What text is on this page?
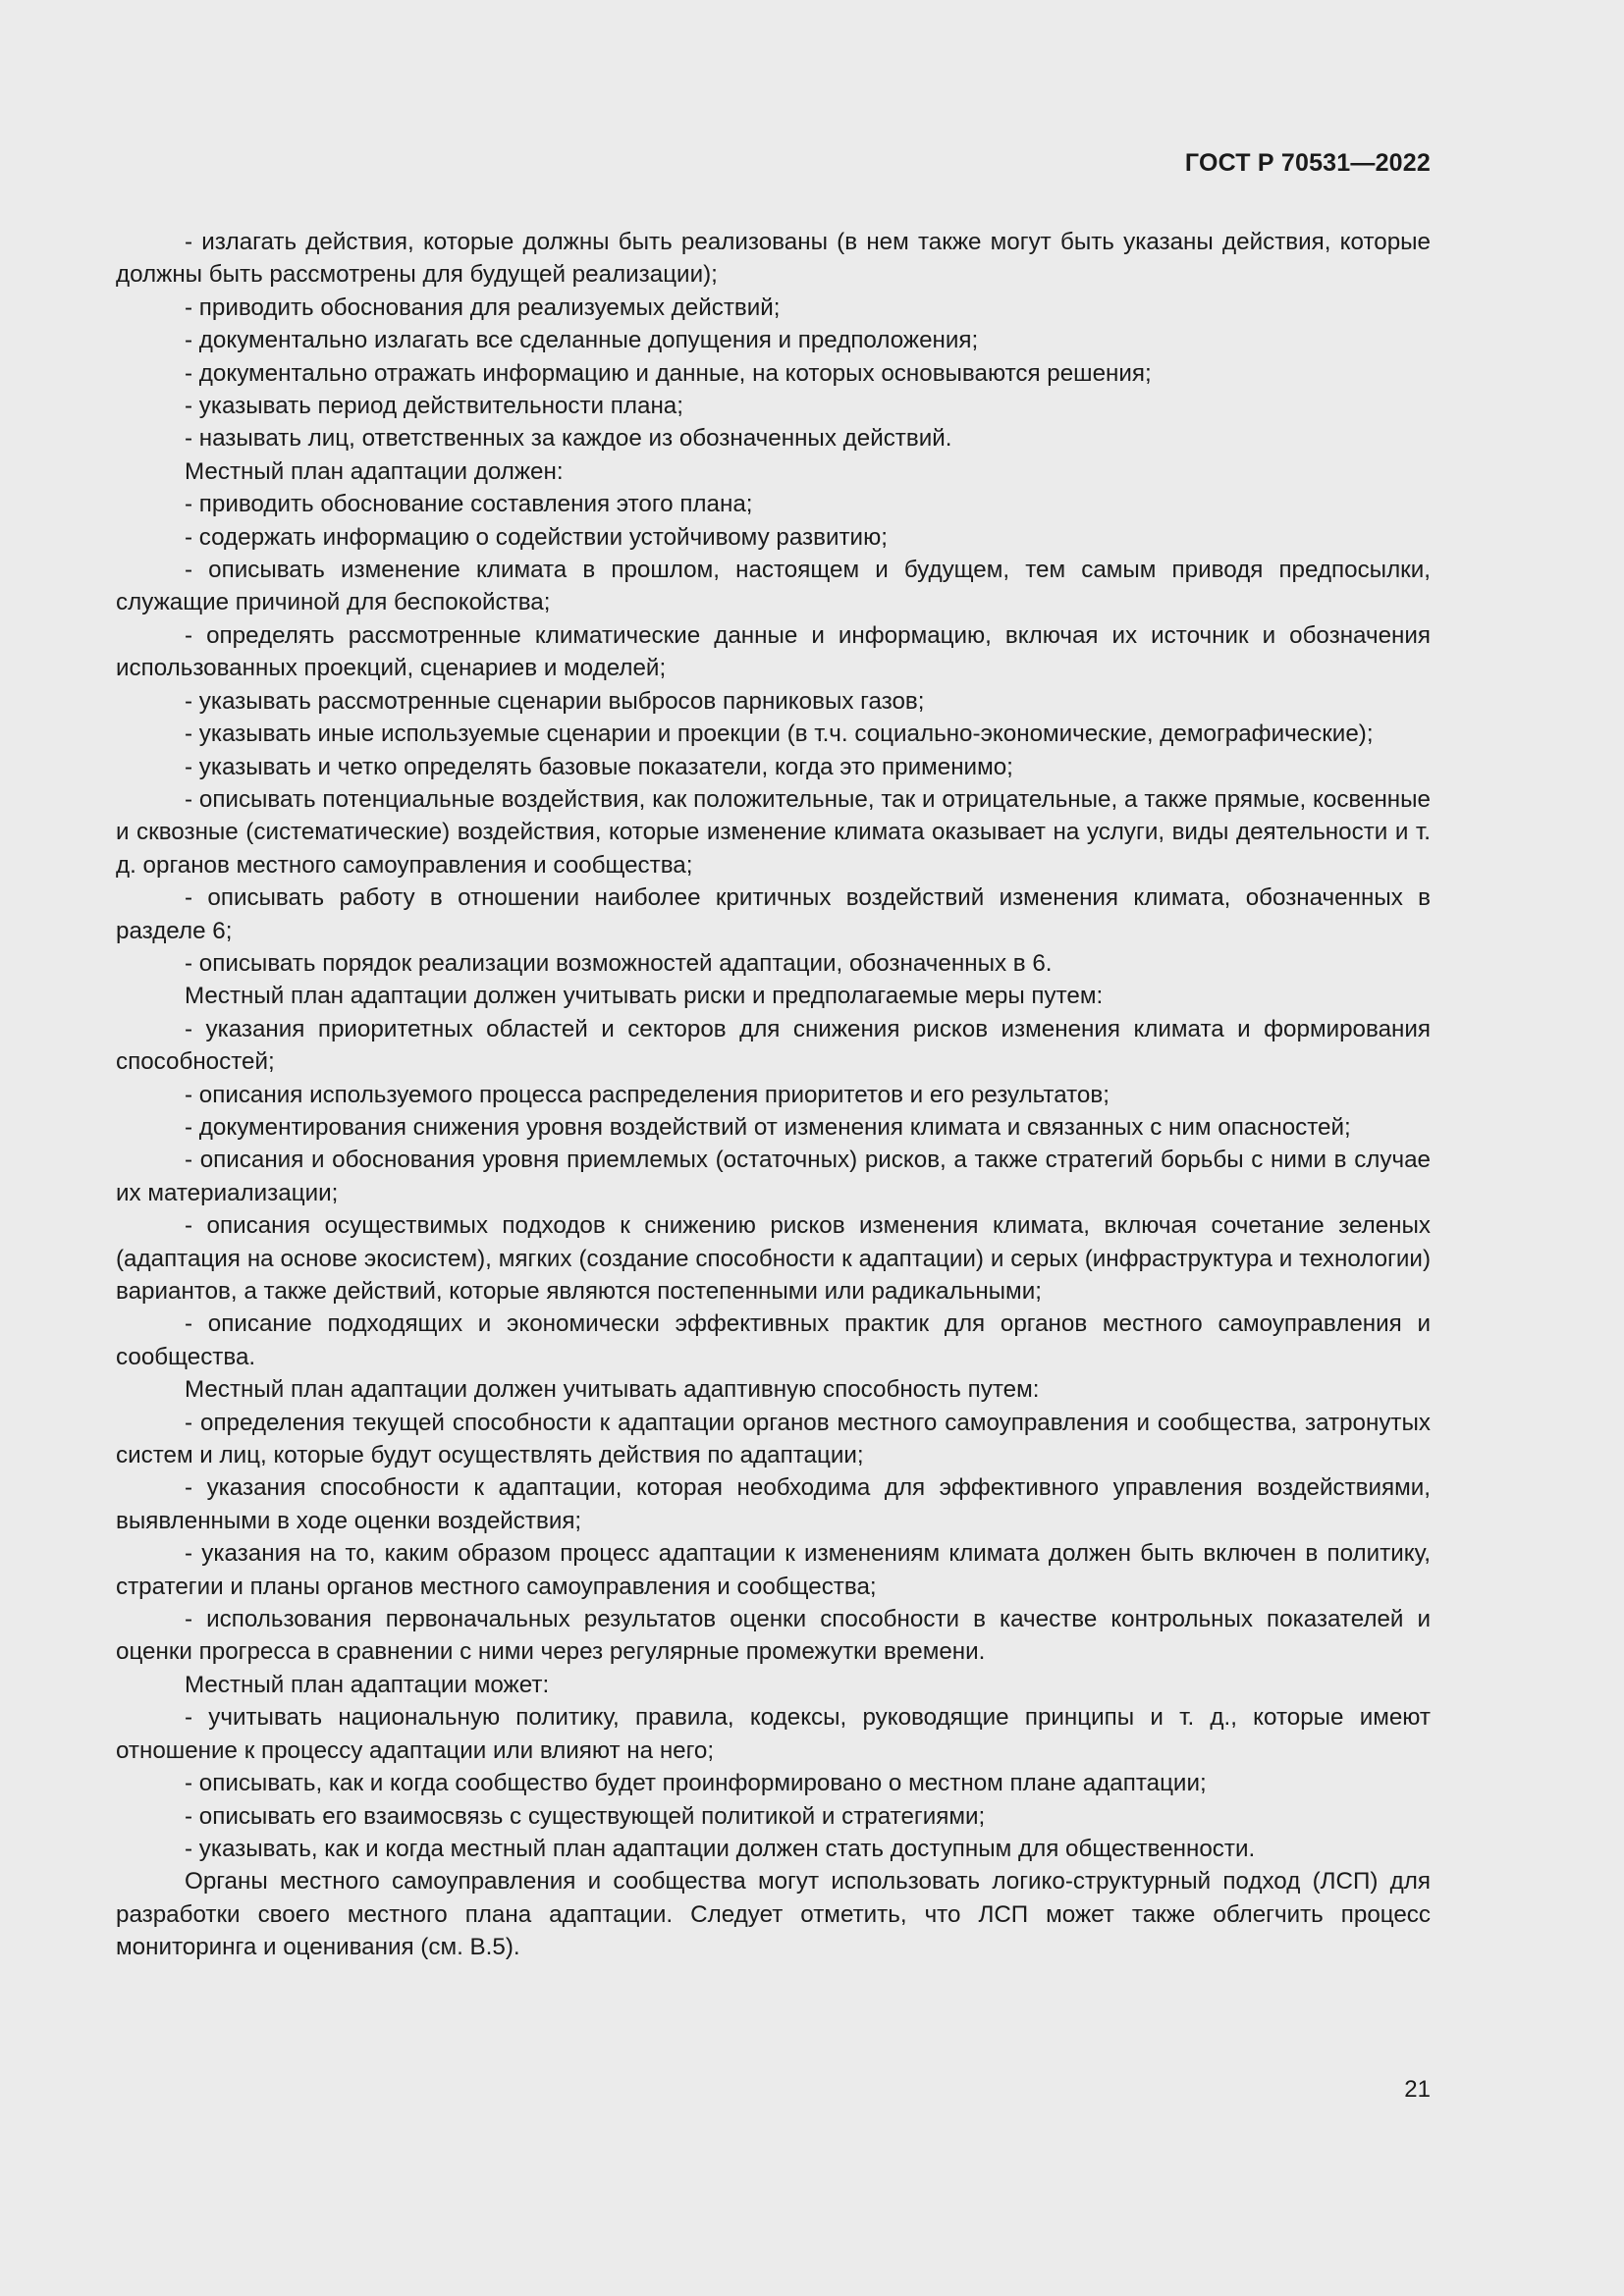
ГОСТ Р 70531—2022

- излагать действия, которые должны быть реализованы (в нем также могут быть указаны действия, которые должны быть рассмотрены для будущей реализации);

- приводить обоснования для реализуемых действий;

- документально излагать все сделанные допущения и предположения;

- документально отражать информацию и данные, на которых основываются решения;

- указывать период действительности плана;

- называть лиц, ответственных за каждое из обозначенных действий.

Местный план адаптации должен:

- приводить обоснование составления этого плана;

- содержать информацию о содействии устойчивому развитию;

- описывать изменение климата в прошлом, настоящем и будущем, тем самым приводя предпосылки, служащие причиной для беспокойства;

- определять рассмотренные климатические данные и информацию, включая их источник и обозначения использованных проекций, сценариев и моделей;

- указывать рассмотренные сценарии выбросов парниковых газов;

- указывать иные используемые сценарии и проекции (в т.ч. социально-экономические, демографические);

- указывать и четко определять базовые показатели, когда это применимо;

- описывать потенциальные воздействия, как положительные, так и отрицательные, а также прямые, косвенные и сквозные (систематические) воздействия, которые изменение климата оказывает на услуги, виды деятельности и т. д. органов местного самоуправления и сообщества;

- описывать работу в отношении наиболее критичных воздействий изменения климата, обозначенных в разделе 6;

- описывать порядок реализации возможностей адаптации, обозначенных в 6.

Местный план адаптации должен учитывать риски и предполагаемые меры путем:

- указания приоритетных областей и секторов для снижения рисков изменения климата и формирования способностей;

- описания используемого процесса распределения приоритетов и его результатов;

- документирования снижения уровня воздействий от изменения климата и связанных с ним опасностей;

- описания и обоснования уровня приемлемых (остаточных) рисков, а также стратегий борьбы с ними в случае их материализации;

- описания осуществимых подходов к снижению рисков изменения климата, включая сочетание зеленых (адаптация на основе экосистем), мягких (создание способности к адаптации) и серых (инфраструктура и технологии) вариантов, а также действий, которые являются постепенными или радикальными;

- описание подходящих и экономически эффективных практик для органов местного самоуправления и сообщества.

Местный план адаптации должен учитывать адаптивную способность путем:

- определения текущей способности к адаптации органов местного самоуправления и сообщества, затронутых систем и лиц, которые будут осуществлять действия по адаптации;

- указания способности к адаптации, которая необходима для эффективного управления воздействиями, выявленными в ходе оценки воздействия;

- указания на то, каким образом процесс адаптации к изменениям климата должен быть включен в политику, стратегии и планы органов местного самоуправления и сообщества;

- использования первоначальных результатов оценки способности в качестве контрольных показателей и оценки прогресса в сравнении с ними через регулярные промежутки времени.

Местный план адаптации может:

- учитывать национальную политику, правила, кодексы, руководящие принципы и т. д., которые имеют отношение к процессу адаптации или влияют на него;

- описывать, как и когда сообщество будет проинформировано о местном плане адаптации;

- описывать его взаимосвязь с существующей политикой и стратегиями;

- указывать, как и когда местный план адаптации должен стать доступным для общественности.

Органы местного самоуправления и сообщества могут использовать логико-структурный подход (ЛСП) для разработки своего местного плана адаптации. Следует отметить, что ЛСП может также облегчить процесс мониторинга и оценивания (см. В.5).

21
